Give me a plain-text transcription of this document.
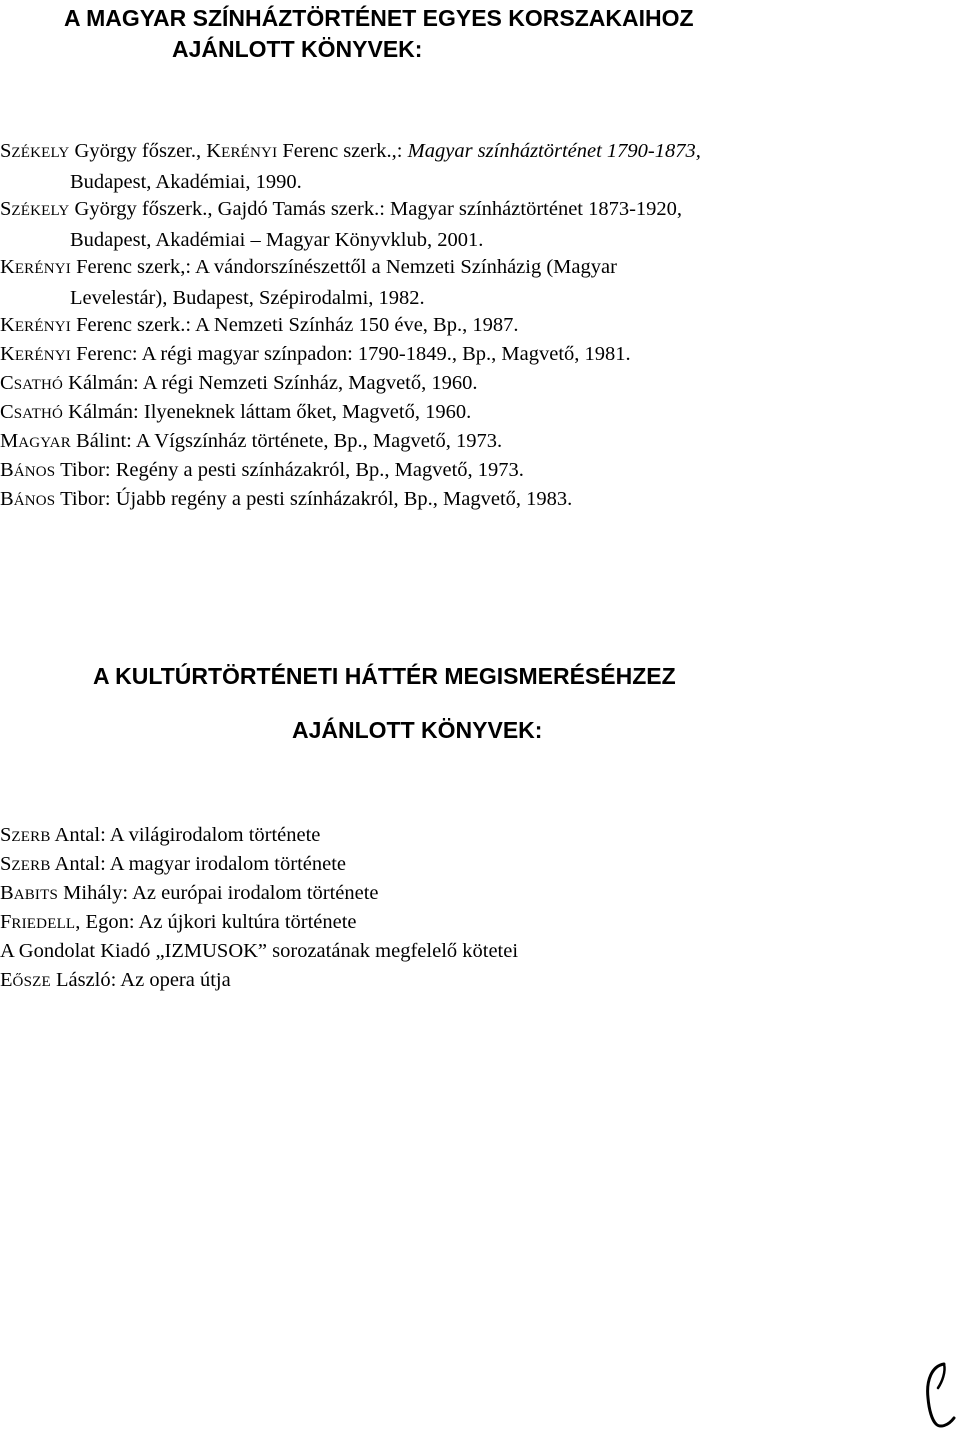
A MAGYAR SZÍNHÁZTÖRTÉNET EGYES KORSZAKAIHOZ
AJÁNLOTT KÖNYVEK:

SZÉKELY György főszer., KERÉNYI Ferenc szerk.,: Magyar színháztörténet 1790-1873,
Budapest, Akadémiai, 1990.

SZÉKELY György főszerk., Gajdó Tamás szerk.: Magyar színháztörténet 1873-1920,
Budapest, Akadémiai – Magyar Könyvklub, 2001.

KERÉNYI Ferenc szerk,: A vándorszínészettől a Nemzeti Színházig (Magyar
Levelestár), Budapest, Szépirodalmi, 1982.

KERÉNYI Ferenc szerk.: A Nemzeti Színház 150 éve, Bp., 1987.

KERÉNYI Ferenc: A régi magyar színpadon: 1790-1849., Bp., Magvető, 1981.

CSATHÓ Kálmán: A régi Nemzeti Színház, Magvető, 1960.

CSATHÓ Kálmán: Ilyeneknek láttam őket, Magvető, 1960.

MAGYAR Bálint: A Vígszínház története, Bp., Magvető, 1973.

BÁNOS Tibor: Regény a pesti színházakról, Bp., Magvető, 1973.

BÁNOS Tibor: Újabb regény a pesti színházakról, Bp., Magvető, 1983.

A KULTÚRTÖRTÉNETI HÁTTÉR MEGISMERÉSÉHZEZ
AJÁNLOTT KÖNYVEK:

SZERB Antal: A világirodalom története

SZERB Antal: A magyar irodalom története

BABITS Mihály: Az európai irodalom története

FRIEDELL, Egon: Az újkori kultúra története

A Gondolat Kiadó „IZMUSOK” sorozatának megfelelő kötetei

EŐSZE László: Az opera útja
